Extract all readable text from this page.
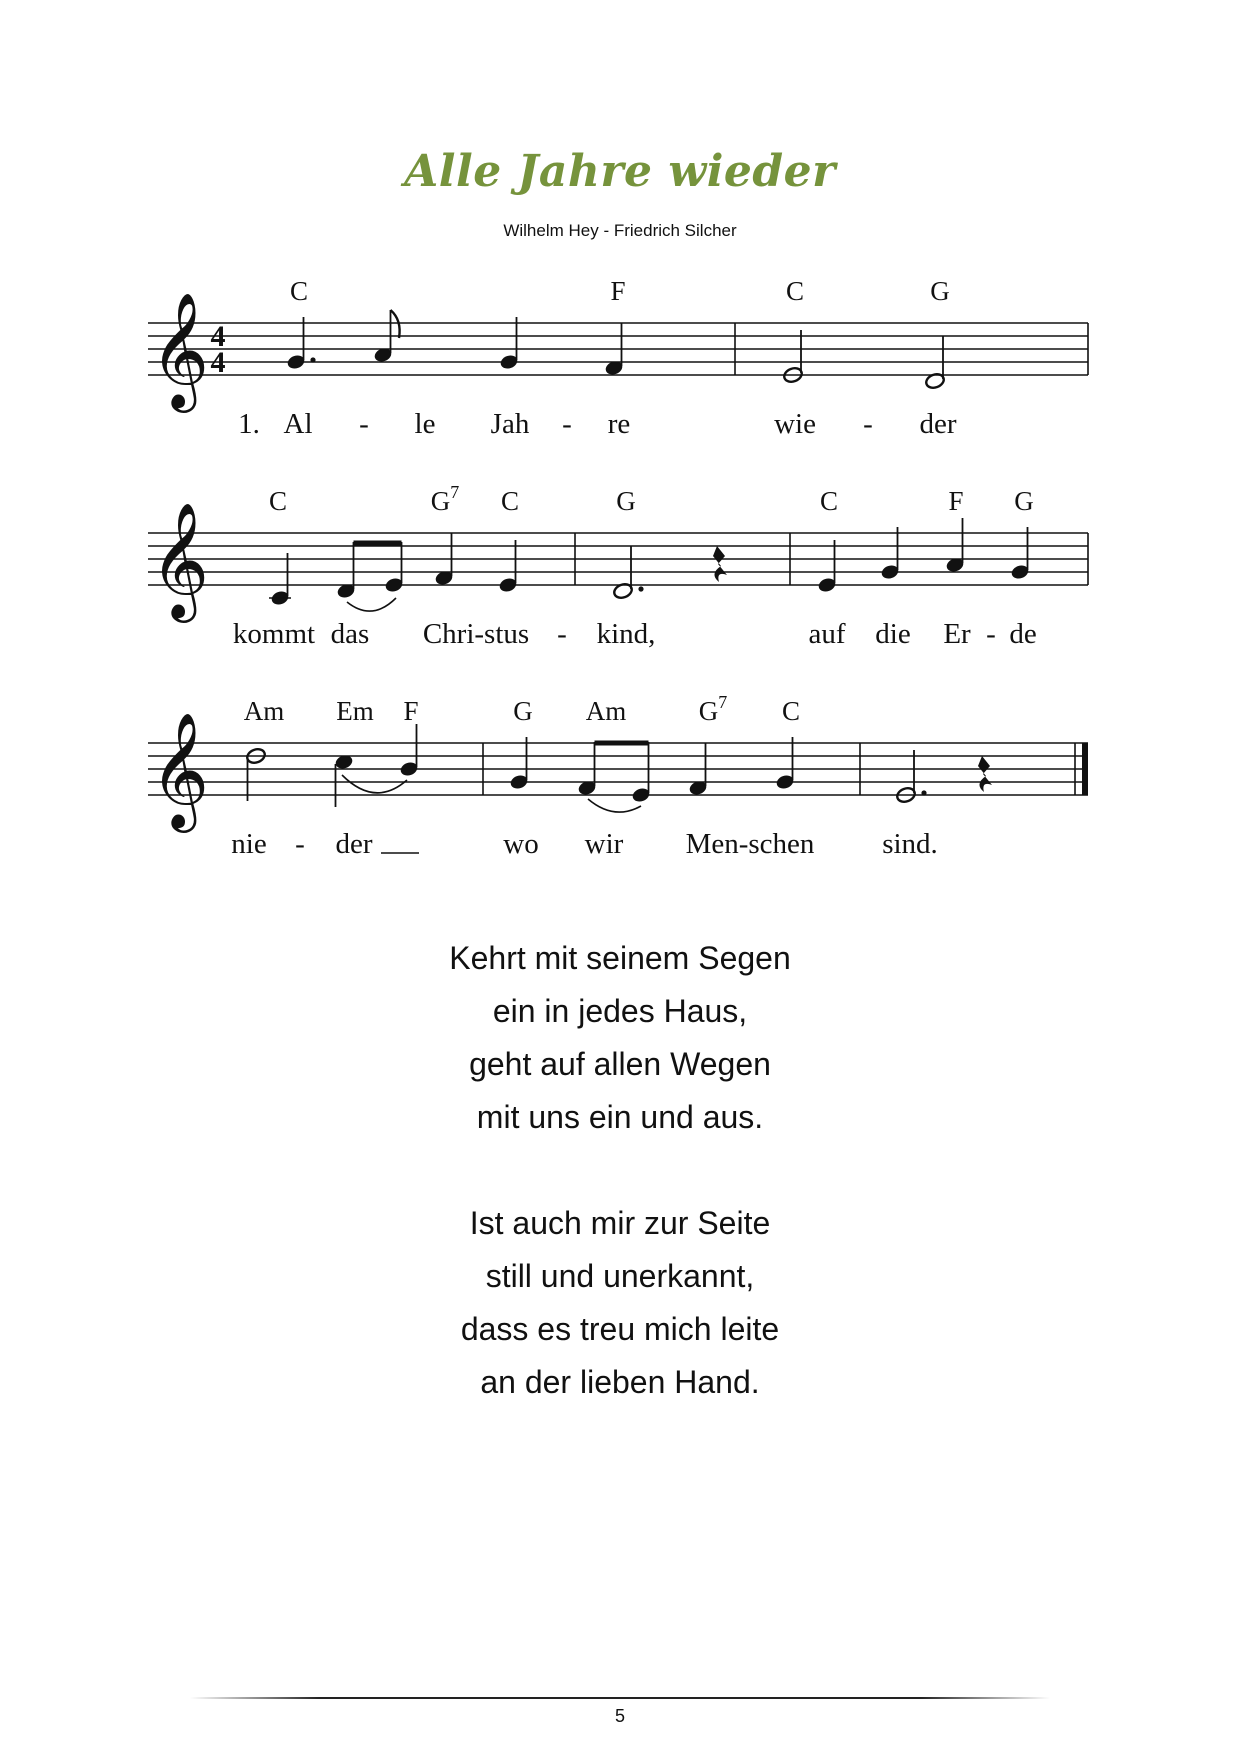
Alle Jahre wieder
Wilhelm Hey - Friedrich Silcher
𝄞 4
4
C	F	C	G
1. Al - le Jah - re	wie - der
𝄞 C	$G^7$ C	G	C	F G
kommt das Chri-stus - kind,	auf die Er - de
𝄞 Am Em F	G Am	$G^7$ C
nie - der	wo wir Men-schen sind.
Kehrt mit seinem Segen
ein in jedes Haus,
geht auf allen Wegen
mit uns ein und aus.
Ist auch mir zur Seite
still und unerkannt,
dass es treu mich leite
an der lieben Hand.
5
